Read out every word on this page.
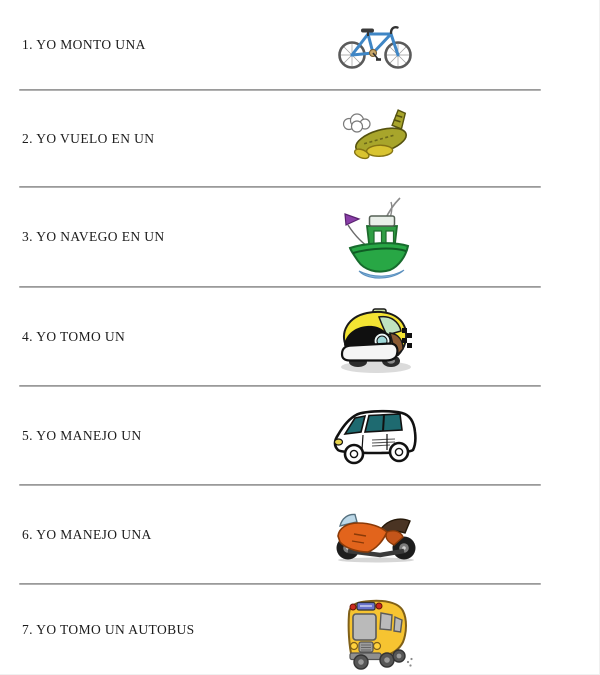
1. YO MONTO UNA
2. YO VUELO EN UN
3. YO NAVEGO EN UN
4. YO TOMO UN
5. YO MANEJO UN
6. YO MANEJO UNA
7. YO TOMO UN AUTOBUS
